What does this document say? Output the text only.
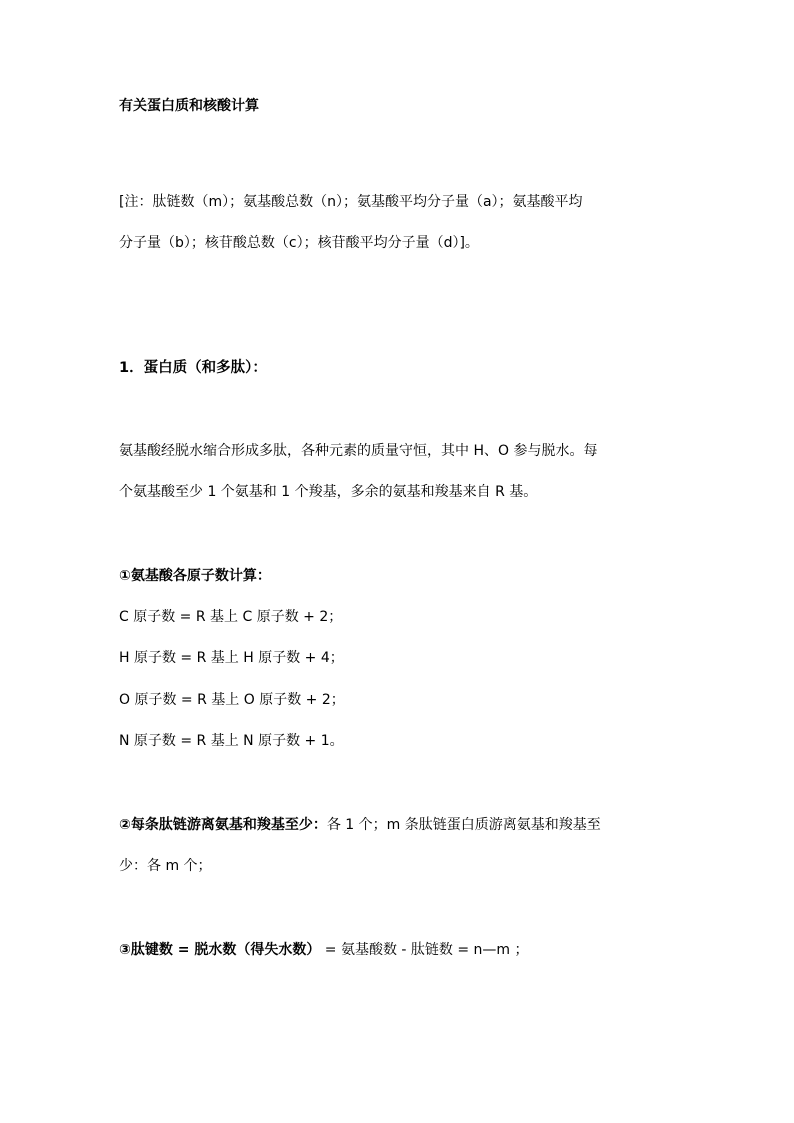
有关蛋白质和核酸计算
[注：肽链数（m）；氨基酸总数（n）；氨基酸平均分子量（a）；氨基酸平均
分子量（b）；核苷酸总数（c）；核苷酸平均分子量（d）]。
1．蛋白质（和多肽）：
氨基酸经脱水缩合形成多肽，各种元素的质量守恒，其中 H、O 参与脱水。每
个氨基酸至少 1 个氨基和 1 个羧基，多余的氨基和羧基来自 R 基。
①氨基酸各原子数计算：
C 原子数 = R 基上 C 原子数 + 2；
H 原子数 = R 基上 H 原子数 + 4；
O 原子数 = R 基上 O 原子数 + 2；
N 原子数 = R 基上 N 原子数 + 1。
②每条肽链游离氨基和羧基至少：各 1 个；m 条肽链蛋白质游离氨基和羧基至
少：各 m 个；
③肽键数 = 脱水数（得失水数） = 氨基酸数 - 肽链数 = n—m ；
